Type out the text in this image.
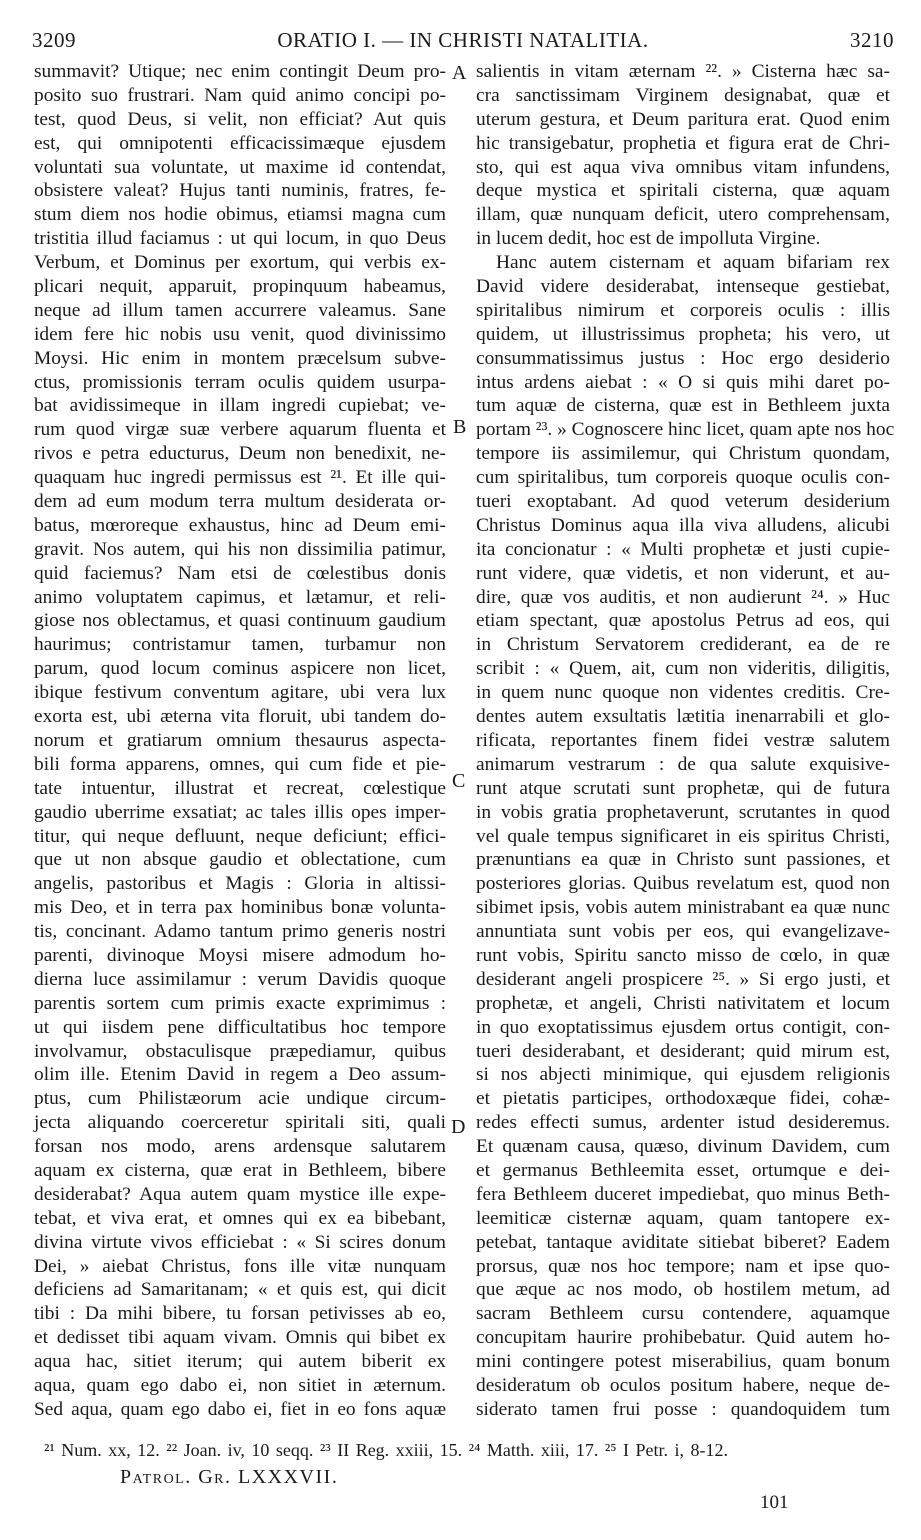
3209	ORATIO I. — IN CHRISTI NATALITIA.	3210
summavit? Utique; nec enim contingit Deum pro-
posito suo frustrari. Nam quid animo concipi po-
test, quod Deus, si velit, non efficiat? Aut quis
est, qui omnipotenti efficacissimæque ejusdem
voluntati sua voluntate, ut maxime id contendat,
obsistere valeat? Hujus tanti numinis, fratres, fe-
stum diem nos hodie obimus, etiamsi magna cum
tristitia illud faciamus : ut qui locum, in quo Deus
Verbum, et Dominus per exortum, qui verbis ex-
plicari nequit, apparuit, propinquum habeamus,
neque ad illum tamen accurrere valeamus. Sane
idem fere hic nobis usu venit, quod divinissimo
Moysi. Hic enim in montem præcelsum subve-
ctus, promissionis terram oculis quidem usurpa-
bat avidissimeque in illam ingredi cupiebat; ve-
rum quod virgæ suæ verbere aquarum fluenta et
rivos e petra educturus, Deum non benedixit, ne-
quaquam huc ingredi permissus est ²¹. Et ille qui-
dem ad eum modum terra multum desiderata or-
batus, mœroreque exhaustus, hinc ad Deum emi-
gravit. Nos autem, qui his non dissimilia patimur,
quid faciemus? Nam etsi de cœlestibus donis
animo voluptatem capimus, et lætamur, et reli-
giose nos oblectamus, et quasi continuum gaudium
haurimus; contristamur tamen, turbamur non
parum, quod locum cominus aspicere non licet,
ibique festivum conventum agitare, ubi vera lux
exorta est, ubi æterna vita floruit, ubi tandem do-
norum et gratiarum omnium thesaurus aspecta-
bili forma apparens, omnes, qui cum fide et pie-
tate intuentur, illustrat et recreat, cœlestique
gaudio uberrime exsatiat; ac tales illis opes imper-
titur, qui neque defluunt, neque deficiunt; effici-
que ut non absque gaudio et oblectatione, cum
angelis, pastoribus et Magis : Gloria in altissi-
mis Deo, et in terra pax hominibus bonæ volunta-
tis, concinant. Adamo tantum primo generis nostri
parenti, divinoque Moysi misere admodum ho-
dierna luce assimilamur : verum Davidis quoque
parentis sortem cum primis exacte exprimimus :
ut qui iisdem pene difficultatibus hoc tempore
involvamur, obstaculisque præpediamur, quibus
olim ille. Etenim David in regem a Deo assum-
ptus, cum Philistæorum acie undique circum-
jecta aliquando coerceretur spiritali siti, quali
forsan nos modo, arens ardensque salutarem
aquam ex cisterna, quæ erat in Bethleem, bibere
desiderabat? Aqua autem quam mystice ille expe-
tebat, et viva erat, et omnes qui ex ea bibebant,
divina virtute vivos efficiebat : « Si scires donum
Dei, » aiebat Christus, fons ille vitæ nunquam
deficiens ad Samaritanam; « et quis est, qui dicit
tibi : Da mihi bibere, tu forsan petivisses ab eo,
et dedisset tibi aquam vivam. Omnis qui bibet ex
aqua hac, sitiet iterum; qui autem biberit ex
aqua, quam ego dabo ei, non sitiet in æternum.
Sed aqua, quam ego dabo ei, fiet in eo fons aquæ
salientis in vitam æternam ²². » Cisterna hæc sa-
cra sanctissimam Virginem designabat, quæ et
uterum gestura, et Deum paritura erat. Quod enim
hic transigebatur, prophetia et figura erat de Chri-
sto, qui est aqua viva omnibus vitam infundens,
deque mystica et spiritali cisterna, quæ aquam
illam, quæ nunquam deficit, utero comprehensam,
in lucem dedit, hoc est de impolluta Virgine.
Hanc autem cisternam et aquam bifariam rex
David videre desiderabat, intenseque gestiebat,
spiritalibus nimirum et corporeis oculis : illis
quidem, ut illustrissimus propheta; his vero, ut
consummatissimus justus : Hoc ergo desiderio
intus ardens aiebat : « O si quis mihi daret po-
tum aquæ de cisterna, quæ est in Bethleem juxta
portam ²³. » Cognoscere hinc licet, quam apte nos hoc
tempore iis assimilemur, qui Christum quondam,
cum spiritalibus, tum corporeis quoque oculis con-
tueri exoptabant. Ad quod veterum desiderium
Christus Dominus aqua illa viva alludens, alicubi
ita concionatur : « Multi prophetæ et justi cupie-
runt videre, quæ videtis, et non viderunt, et au-
dire, quæ vos auditis, et non audierunt ²⁴. » Huc
etiam spectant, quæ apostolus Petrus ad eos, qui
in Christum Servatorem crediderant, ea de re
scribit : « Quem, ait, cum non videritis, diligitis,
in quem nunc quoque non videntes creditis. Cre-
dentes autem exsultatis lætitia inenarrabili et glo-
rificata, reportantes finem fidei vestræ salutem
animarum vestrarum : de qua salute exquisive-
runt atque scrutati sunt prophetæ, qui de futura
in vobis gratia prophetaverunt, scrutantes in quod
vel quale tempus significaret in eis spiritus Christi,
prænuntians ea quæ in Christo sunt passiones, et
posteriores glorias. Quibus revelatum est, quod non
sibimet ipsis, vobis autem ministrabant ea quæ nunc
annuntiata sunt vobis per eos, qui evangelizave-
runt vobis, Spiritu sancto misso de cœlo, in quæ
desiderant angeli prospicere ²⁵. » Si ergo justi, et
prophetæ, et angeli, Christi nativitatem et locum
in quo exoptatissimus ejusdem ortus contigit, con-
tueri desiderabant, et desiderant; quid mirum est,
si nos abjecti minimique, qui ejusdem religionis
et pietatis participes, orthodoxæque fidei, cohæ-
redes effecti sumus, ardenter istud desideremus.
Et quænam causa, quæso, divinum Davidem, cum
et germanus Bethleemita esset, ortumque e dei-
fera Bethleem duceret impediebat, quo minus Beth-
leemiticæ cisternæ aquam, quam tantopere ex-
petebat, tantaque aviditate sitiebat biberet? Eadem
prorsus, quæ nos hoc tempore; nam et ipse quo-
que æque ac nos modo, ob hostilem metum, ad
sacram Bethleem cursu contendere, aquamque
concupitam haurire prohibebatur. Quid autem ho-
mini contingere potest miserabilius, quam bonum
desideratum ob oculos positum habere, neque de-
siderato tamen frui posse : quandoquidem tum
A
B
C
D
²¹ Num. xx, 12. ²² Joan. iv, 10 seqq. ²³ II Reg. xxiii, 15. ²⁴ Matth. xiii, 17. ²⁵ I Petr. i, 8-12.
Patrol. Gr. LXXXVII.
101
